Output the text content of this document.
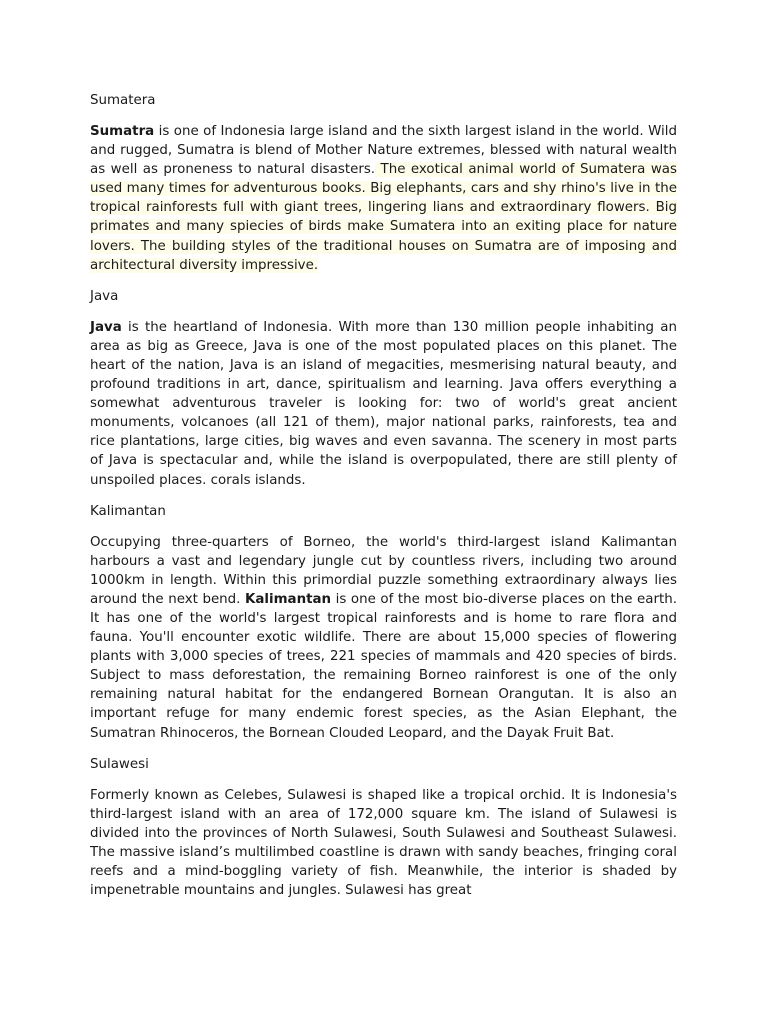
Sumatera

Sumatra is one of Indonesia large island and the sixth largest island in the world. Wild and rugged, Sumatra is blend of Mother Nature extremes, blessed with natural wealth as well as proneness to natural disasters. The exotical animal world of Sumatera was used many times for adventurous books. Big elephants, cars and shy rhino's live in the tropical rainforests full with giant trees, lingering lians and extraordinary flowers. Big primates and many spiecies of birds make Sumatera into an exiting place for nature lovers. The building styles of the traditional houses on Sumatra are of imposing and architectural diversity impressive.

Java

Java is the heartland of Indonesia. With more than 130 million people inhabiting an area as big as Greece, Java is one of the most populated places on this planet. The heart of the nation, Java is an island of megacities, mesmerising natural beauty, and profound traditions in art, dance, spiritualism and learning. Java offers everything a somewhat adventurous traveler is looking for: two of world's great ancient monuments, volcanoes (all 121 of them), major national parks, rainforests, tea and rice plantations, large cities, big waves and even savanna. The scenery in most parts of Java is spectacular and, while the island is overpopulated, there are still plenty of unspoiled places. corals islands.

Kalimantan

Occupying three-quarters of Borneo, the world's third-largest island Kalimantan harbours a vast and legendary jungle cut by countless rivers, including two around 1000km in length. Within this primordial puzzle something extraordinary always lies around the next bend. Kalimantan is one of the most bio-diverse places on the earth. It has one of the world's largest tropical rainforests and is home to rare flora and fauna. You'll encounter exotic wildlife. There are about 15,000 species of flowering plants with 3,000 species of trees, 221 species of mammals and 420 species of birds. Subject to mass deforestation, the remaining Borneo rainforest is one of the only remaining natural habitat for the endangered Bornean Orangutan. It is also an important refuge for many endemic forest species, as the Asian Elephant, the Sumatran Rhinoceros, the Bornean Clouded Leopard, and the Dayak Fruit Bat.

Sulawesi

Formerly known as Celebes, Sulawesi is shaped like a tropical orchid. It is Indonesia's third-largest island with an area of 172,000 square km. The island of Sulawesi is divided into the provinces of North Sulawesi, South Sulawesi and Southeast Sulawesi. The massive island’s multilimbed coastline is drawn with sandy beaches, fringing coral reefs and a mind-boggling variety of fish. Meanwhile, the interior is shaded by impenetrable mountains and jungles. Sulawesi has great
